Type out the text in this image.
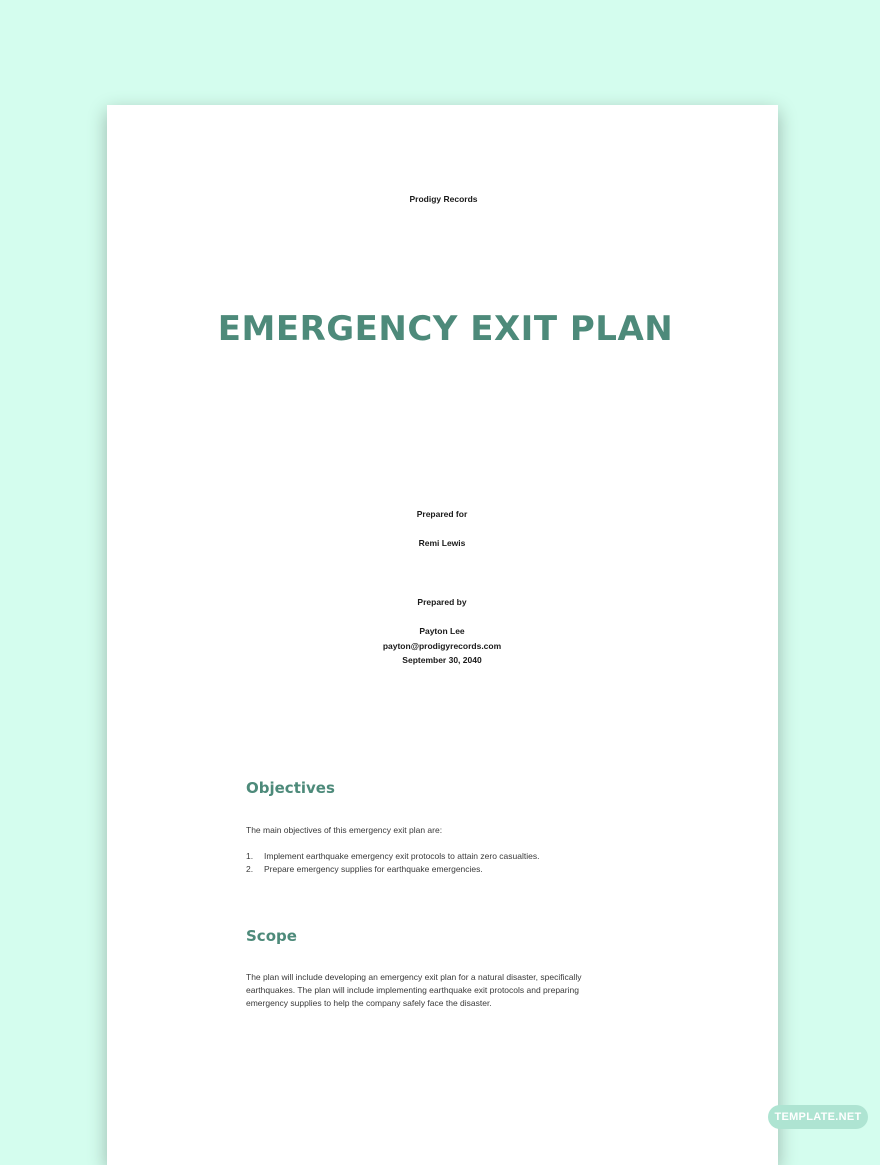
Prodigy Records
EMERGENCY EXIT PLAN
Prepared for
Remi Lewis
Prepared by
Payton Lee
payton@prodigyrecords.com
September 30, 2040
Objectives
The main objectives of this emergency exit plan are:
1. Implement earthquake emergency exit protocols to attain zero casualties.
2. Prepare emergency supplies for earthquake emergencies.
Scope
The plan will include developing an emergency exit plan for a natural disaster, specifically earthquakes. The plan will include implementing earthquake exit protocols and preparing emergency supplies to help the company safely face the disaster.
TEMPLATE.NET
